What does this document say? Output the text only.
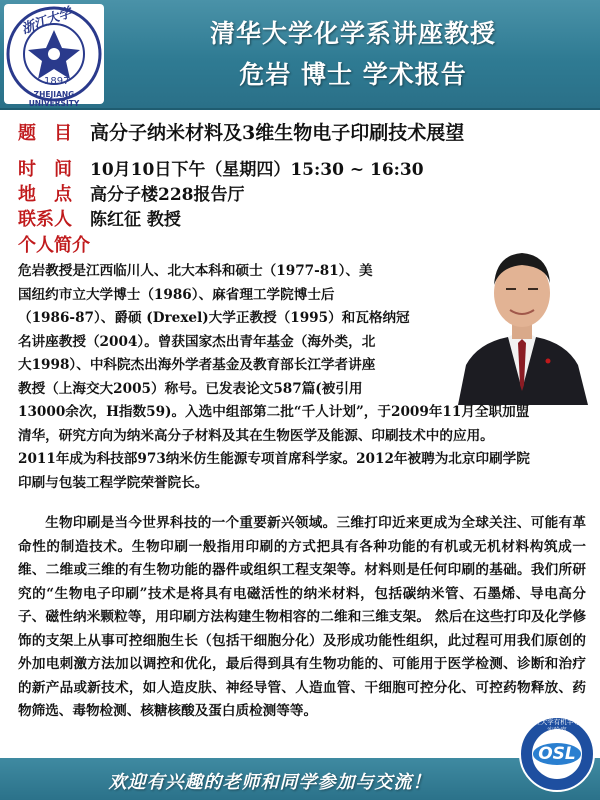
浙江大学
1897
ZHEJIANG UNIVERSITY
清华大学化学系讲座教授
危岩 博士 学术报告
题　目 高分子纳米材料及3维生物电子印刷技术展望
时　间 10月10日下午（星期四）15:30 ~ 16:30
地　点 高分子楼228报告厅
联系人 陈红征 教授
个人简介
危岩教授是江西临川人、北大本科和硕士（1977-81）、美
国纽约市立大学博士（1986）、麻省理工学院博士后
（1986-87）、爵硕 (Drexel)大学正教授（1995）和瓦格纳冠
名讲座教授（2004）。曾获国家杰出青年基金（海外类，北
大1998）、中科院杰出海外学者基金及教育部长江学者讲座
教授（上海交大2005）称号。已发表论文587篇(被引用
13000余次，H指数59)。入选中组部第二批“千人计划”，于2009年11月全职加盟
清华，研究方向为纳米高分子材料及其在生物医学及能源、印刷技术中的应用。
2011年成为科技部973纳米仿生能源专项首席科学家。2012年被聘为北京印刷学院
印刷与包装工程学院荣誉院长。

生物印刷是当今世界科技的一个重要新兴领域。三维打印近来更成为全球关注、可能有革命性的制造技术。生物印刷一般指用印刷的方式把具有各种功能的有机或无机材料构筑成一维、二维或三维的有生物功能的器件或组织工程支架等。材料则是任何印刷的基础。我们所研究的“生物电子印刷”技术是将具有电磁活性的纳米材料，包括碳纳米管、石墨烯、导电高分子、磁性纳米颗粒等，用印刷方法构建生物相容的二维和三维支架。 然后在这些打印及化学修饰的支架上从事可控细胞生长（包括干细胞分化）及形成功能性组织，此过程可用我们原创的外加电刺激方法加以调控和优化，最后得到具有生物功能的、可能用于医学检测、诊断和治疗的新产品或新技术，如人造皮肤、神经导管、人造血管、干细胞可控分化、可控药物释放、药物筛选、毒物检测、核糖核酸及蛋白质检测等等。

欢迎有兴趣的老师和同学参加与交流！
OSL
浙江大学有机半导体实验室
